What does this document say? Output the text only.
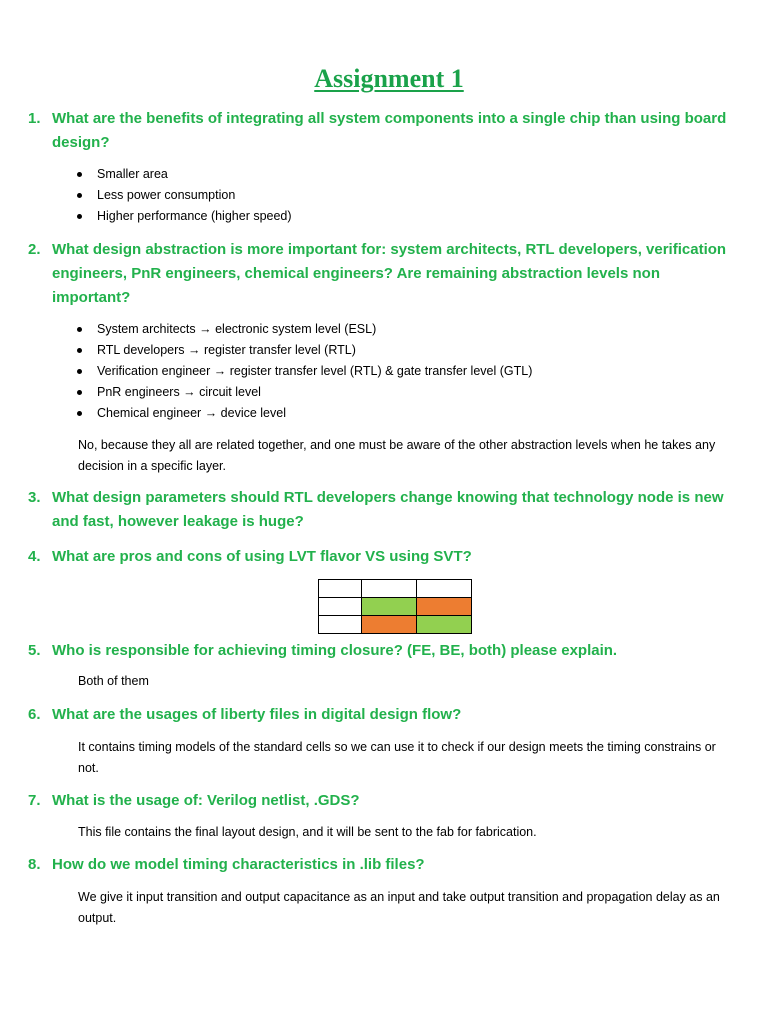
Assignment 1
1. What are the benefits of integrating all system components into a single chip than using board design?
Smaller area
Less power consumption
Higher performance (higher speed)
2. What design abstraction is more important for: system architects, RTL developers, verification engineers, PnR engineers, chemical engineers? Are remaining abstraction levels non important?
System architects → electronic system level (ESL)
RTL developers → register transfer level (RTL)
Verification engineer → register transfer level (RTL) & gate transfer level (GTL)
PnR engineers → circuit level
Chemical engineer → device level

No, because they all are related together, and one must be aware of the other abstraction levels when he takes any decision in a specific layer.

3. What design parameters should RTL developers change knowing that technology node is new and fast, however leakage is huge?
4. What are pros and cons of using LVT flavor VS using SVT?

5. Who is responsible for achieving timing closure? (FE, BE, both) please explain.

Both of them

6. What are the usages of liberty files in digital design flow?

It contains timing models of the standard cells so we can use it to check if our design meets the timing constrains or not.

7. What is the usage of: Verilog netlist, .GDS?

This file contains the final layout design, and it will be sent to the fab for fabrication.

8. How do we model timing characteristics in .lib files?

We give it input transition and output capacitance as an input and take output transition and propagation delay as an output.
